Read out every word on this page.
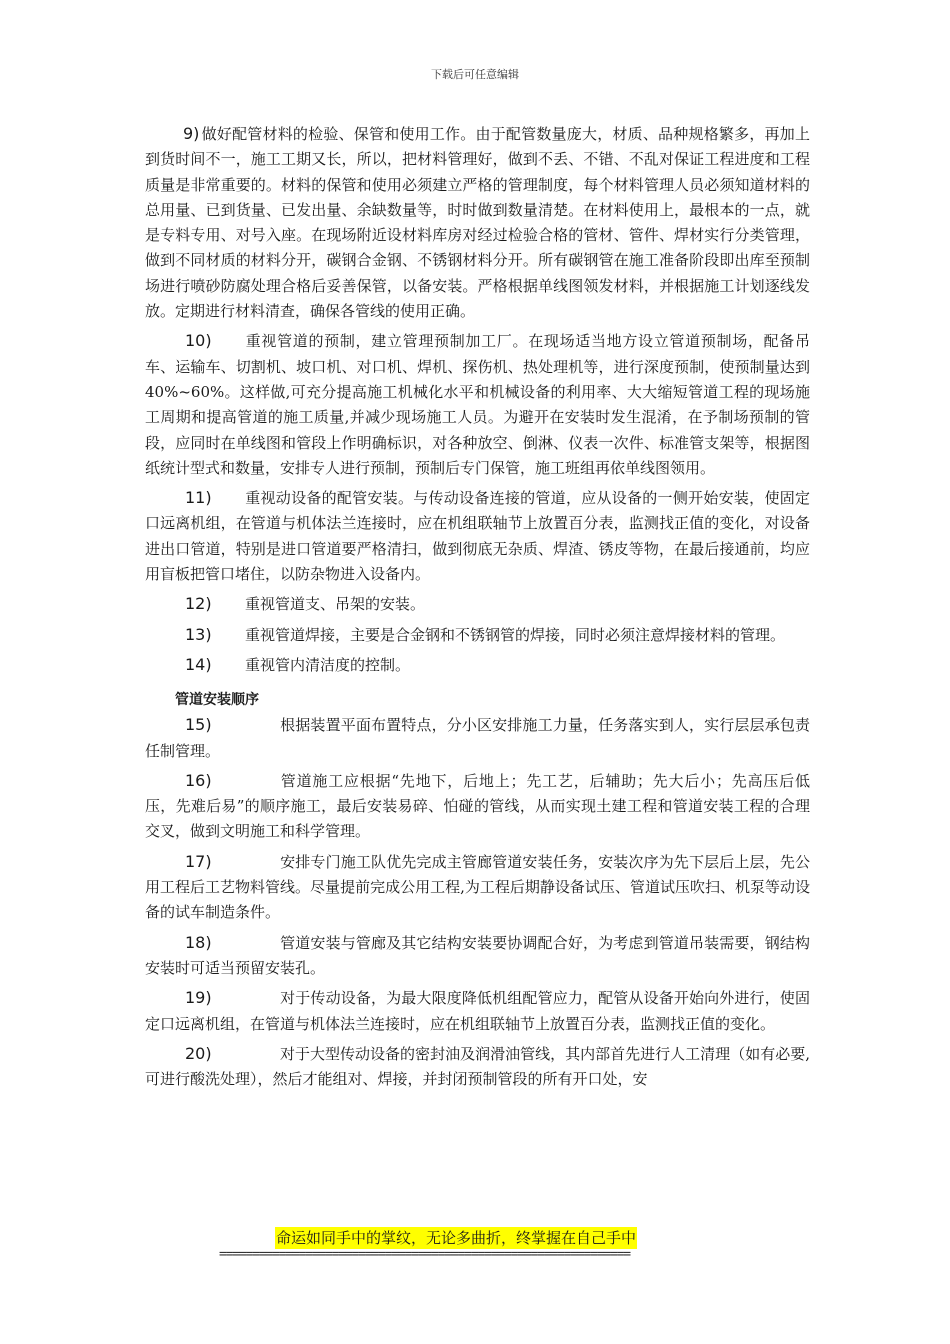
下载后可任意编辑

9) 做好配管材料的检验、保管和使用工作。由于配管数量庞大，材质、品种规格繁多，再加上到货时间不一，施工工期又长，所以，把材料管理好，做到不丢、不错、不乱对保证工程进度和工程质量是非常重要的。材料的保管和使用必须建立严格的管理制度，每个材料管理人员必须知道材料的总用量、已到货量、已发出量、余缺数量等，时时做到数量清楚。在材料使用上，最根本的一点，就是专料专用、对号入座。在现场附近设材料库房对经过检验合格的管材、管件、焊材实行分类管理，做到不同材质的材料分开，碳钢合金钢、不锈钢材料分开。所有碳钢管在施工准备阶段即出库至预制场进行喷砂防腐处理合格后妥善保管，以备安装。严格根据单线图领发材料，并根据施工计划逐线发放。定期进行材料清查，确保各管线的使用正确。

10) 重视管道的预制，建立管理预制加工厂。在现场适当地方设立管道预制场，配备吊车、运输车、切割机、坡口机、对口机、焊机、探伤机、热处理机等，进行深度预制，使预制量达到40%~60%。这样做,可充分提高施工机械化水平和机械设备的利用率、大大缩短管道工程的现场施工周期和提高管道的施工质量,并减少现场施工人员。为避开在安装时发生混淆，在予制场预制的管段，应同时在单线图和管段上作明确标识，对各种放空、倒淋、仪表一次件、标准管支架等，根据图纸统计型式和数量，安排专人进行预制，预制后专门保管，施工班组再依单线图领用。

11) 重视动设备的配管安装。与传动设备连接的管道，应从设备的一侧开始安装，使固定口远离机组，在管道与机体法兰连接时，应在机组联轴节上放置百分表，监测找正值的变化，对设备进出口管道，特别是进口管道要严格清扫，做到彻底无杂质、焊渣、锈皮等物，在最后接通前，均应用盲板把管口堵住，以防杂物进入设备内。

12) 重视管道支、吊架的安装。

13) 重视管道焊接，主要是合金钢和不锈钢管的焊接，同时必须注意焊接材料的管理。

14) 重视管内清洁度的控制。

管道安装顺序

15)	根据装置平面布置特点，分小区安排施工力量，任务落实到人，实行层层承包责任制管理。

16)	管道施工应根据“先地下，后地上；先工艺，后辅助；先大后小；先高压后低压，先难后易”的顺序施工，最后安装易碎、怕碰的管线，从而实现土建工程和管道安装工程的合理交叉，做到文明施工和科学管理。

17)	安排专门施工队优先完成主管廊管道安装任务，安装次序为先下层后上层，先公用工程后工艺物料管线。尽量提前完成公用工程,为工程后期静设备试压、管道试压吹扫、机泵等动设备的试车制造条件。

18)	管道安装与管廊及其它结构安装要协调配合好，为考虑到管道吊装需要，钢结构安装时可适当预留安装孔。

19)	对于传动设备，为最大限度降低机组配管应力，配管从设备开始向外进行，使固定口远离机组，在管道与机体法兰连接时，应在机组联轴节上放置百分表，监测找正值的变化。

20)	对于大型传动设备的密封油及润滑油管线，其内部首先进行人工清理（如有必要,可进行酸洗处理），然后才能组对、焊接，并封闭预制管段的所有开口处，安

命运如同手中的掌纹，无论多曲折，终掌握在自己手中
==============================================================
